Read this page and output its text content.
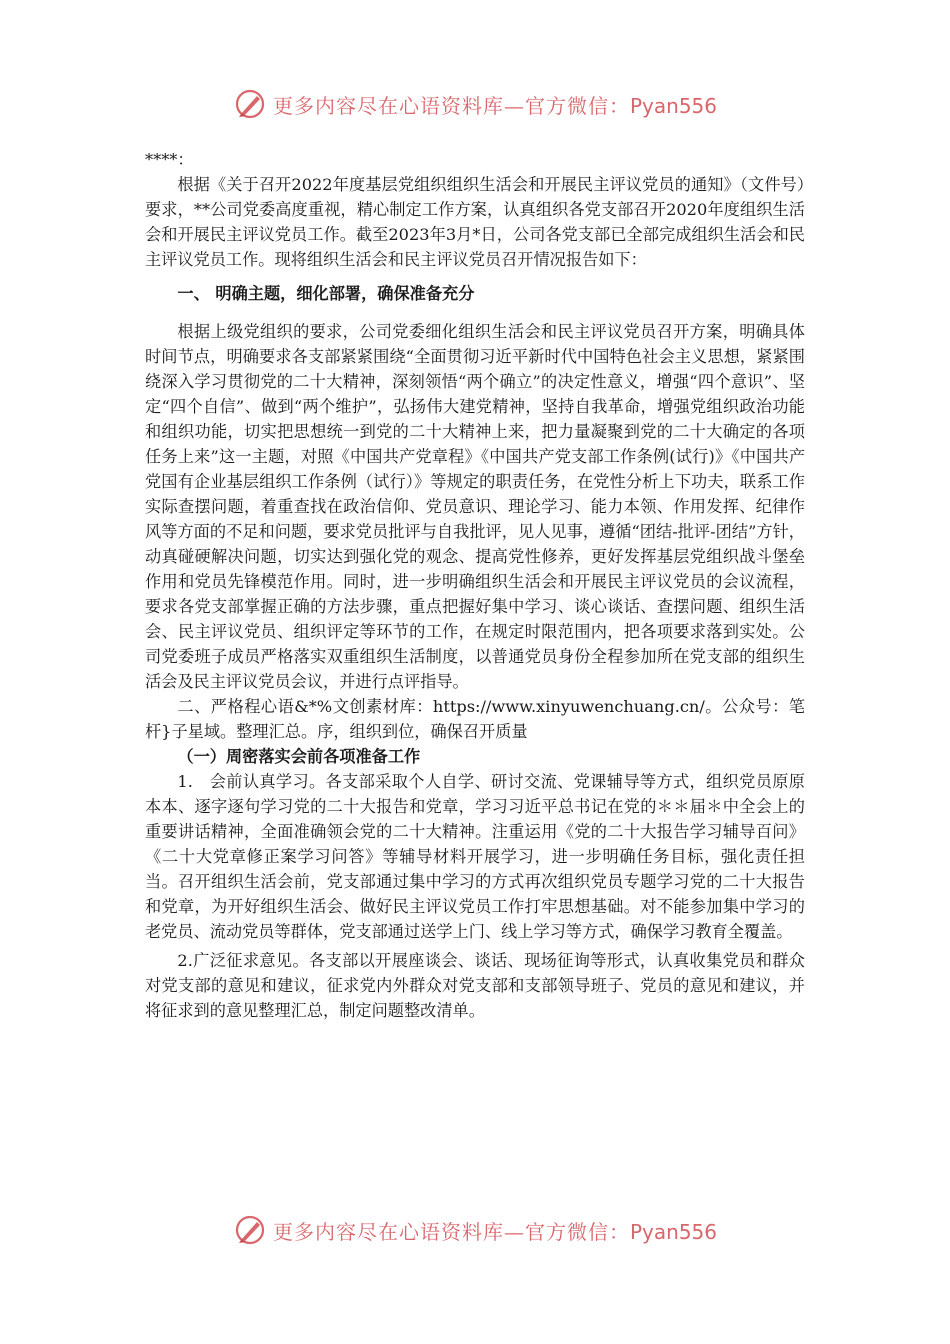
更多内容尽在心语资料库—官方微信：Pyan556

****：

根据《关于召开2022年度基层党组织组织生活会和开展民主评议党员的通知》（文件号）要求，**公司党委高度重视，精心制定工作方案，认真组织各党支部召开2020年度组织生活会和开展民主评议党员工作。截至2023年3月*日，公司各党支部已全部完成组织生活会和民主评议党员工作。现将组织生活会和民主评议党员召开情况报告如下：

一、 明确主题，细化部署，确保准备充分

根据上级党组织的要求，公司党委细化组织生活会和民主评议党员召开方案，明确具体时间节点，明确要求各支部紧紧围绕“全面贯彻习近平新时代中国特色社会主义思想，紧紧围绕深入学习贯彻党的二十大精神，深刻领悟“两个确立”的决定性意义，增强“四个意识”、坚定“四个自信”、做到“两个维护”，弘扬伟大建党精神，坚持自我革命，增强党组织政治功能和组织功能，切实把思想统一到党的二十大精神上来，把力量凝聚到党的二十大确定的各项任务上来”这一主题，对照《中国共产党章程》《中国共产党支部工作条例(试行)》《中国共产党国有企业基层组织工作条例（试行）》等规定的职责任务，在党性分析上下功夫，联系工作实际查摆问题，着重查找在政治信仰、党员意识、理论学习、能力本领、作用发挥、纪律作风等方面的不足和问题，要求党员批评与自我批评，见人见事，遵循“团结-批评-团结”方针，动真碰硬解决问题，切实达到强化党的观念、提高党性修养，更好发挥基层党组织战斗堡垒作用和党员先锋模范作用。同时，进一步明确组织生活会和开展民主评议党员的会议流程，要求各党支部掌握正确的方法步骤，重点把握好集中学习、谈心谈话、查摆问题、组织生活会、民主评议党员、组织评定等环节的工作，在规定时限范围内，把各项要求落到实处。公司党委班子成员严格落实双重组织生活制度，以普通党员身份全程参加所在党支部的组织生活会及民主评议党员会议，并进行点评指导。

二、严格程心语&*%文创素材库：https://www.xinyuwenchuang.cn/。公众号：笔杆}子星域。整理汇总。序，组织到位，确保召开质量

（一）周密落实会前各项准备工作

1.　会前认真学习。各支部采取个人自学、研讨交流、党课辅导等方式，组织党员原原本本、逐字逐句学习党的二十大报告和党章，学习习近平总书记在党的＊＊届＊中全会上的重要讲话精神，全面准确领会党的二十大精神。注重运用《党的二十大报告学习辅导百问》《二十大党章修正案学习问答》等辅导材料开展学习，进一步明确任务目标，强化责任担当。召开组织生活会前，党支部通过集中学习的方式再次组织党员专题学习党的二十大报告和党章，为开好组织生活会、做好民主评议党员工作打牢思想基础。对不能参加集中学习的老党员、流动党员等群体，党支部通过送学上门、线上学习等方式，确保学习教育全覆盖。

2.广泛征求意见。各支部以开展座谈会、谈话、现场征询等形式，认真收集党员和群众对党支部的意见和建议，征求党内外群众对党支部和支部领导班子、党员的意见和建议，并将征求到的意见整理汇总，制定问题整改清单。

更多内容尽在心语资料库—官方微信：Pyan556
